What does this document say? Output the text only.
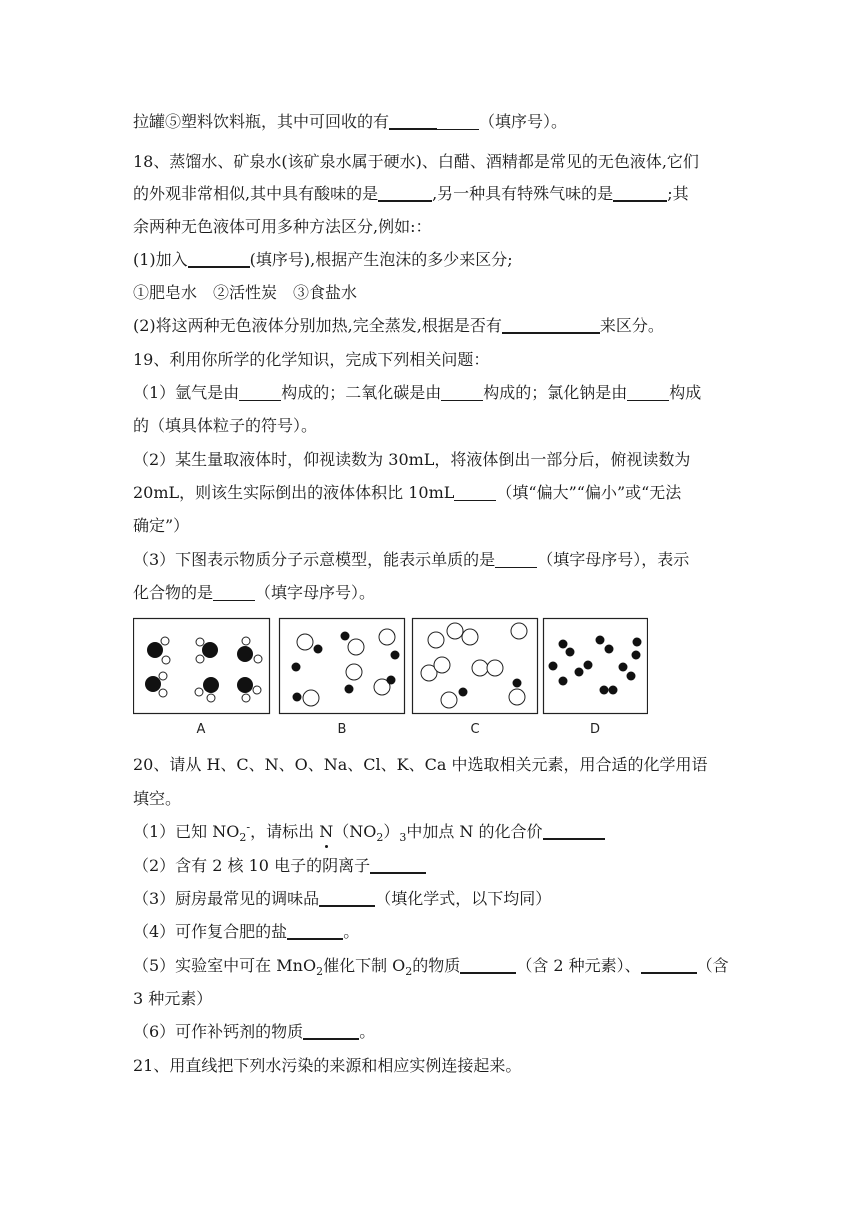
拉罐⑤塑料饮料瓶，其中可回收的有	（填序号）。
18、蒸馏水、矿泉水(该矿泉水属于硬水)、白醋、酒精都是常见的无色液体,它们
的外观非常相似,其中具有酸味的是	,另一种具有特殊气味的是	;其
余两种无色液体可用多种方法区分,例如:：
(1)加入	(填序号),根据产生泡沫的多少来区分;
①肥皂水　②活性炭　③食盐水
(2)将这两种无色液体分别加热,完全蒸发,根据是否有	来区分。
19、利用你所学的化学知识，完成下列相关问题：
（1）氩气是由	构成的；二氧化碳是由	构成的；氯化钠是由	构成
的（填具体粒子的符号）。
（2）某生量取液体时，仰视读数为 30mL，将液体倒出一部分后，俯视读数为
20mL，则该生实际倒出的液体体积比 10mL	（填“偏大”“偏小”或“无法
确定”）
（3）下图表示物质分子示意模型，能表示单质的是	（填字母序号），表示
化合物的是	（填字母序号）。
A	B	C	D
20、请从 H、C、N、O、Na、Cl、K、Ca 中选取相关元素，用合适的化学用语
填空。
（1）已知 $NO_2^-$，请标出 $N(NO_2)_3$中加点 N 的化合价
（2）含有 2 核 10 电子的阴离子
（3）厨房最常见的调味品	（填化学式，以下均同）
（4）可作复合肥的盐	。
（5）实验室中可在 MnO$_2$催化下制 $O_2$的物质	（含 2 种元素）、	（含
3 种元素）
（6）可作补钙剂的物质	。
21、用直线把下列水污染的来源和相应实例连接起来。
